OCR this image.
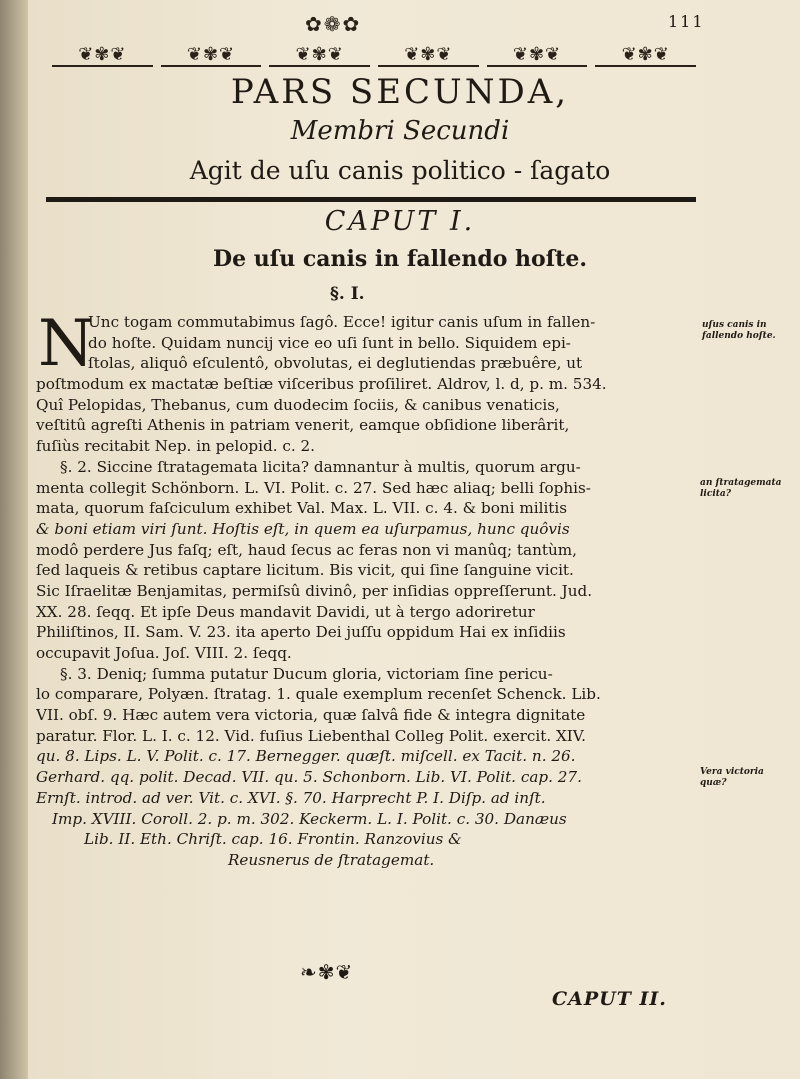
✿❁✿	111
❦✾❦	❦✾❦	❦✾❦	❦✾❦	❦✾❦	❦✾❦
PARS SECUNDA,
Membri Secundi
Agit de uſu canis politico - ſagato
CAPUT I.
De uſu canis in fallendo hoſte.
§. I.
N
Unc togam commutabimus ſagô. Ecce! igitur canis uſum in fallen-
do hoſte. Quidam nuncij vice eo uſi ſunt in bello. Siquidem epi-
ſtolas, aliquô eſculentô, obvolutas, ei deglutiendas præbuêre, ut
poſtmodum ex mactatæ beſtiæ viſceribus proſiliret. Aldrov, l. d, p. m. 534.
Quî Pelopidas, Thebanus, cum duodecim ſociis, & canibus venaticis,
veſtitû agreſti Athenis in patriam venerit, eamque obſidione liberârit,
fuſiùs recitabit Nep. in pelopid. c. 2.
§. 2. Siccine ſtratagemata licita? damnantur à multis, quorum argu-
menta collegit Schönborn. L. VI. Polit. c. 27. Sed hæc aliaq; belli ſophis-
mata, quorum faſciculum exhibet Val. Max. L. VII. c. 4. & boni militis
& boni etiam viri ſunt. Hoſtis eſt, in quem ea uſurpamus, hunc quôvis
modô perdere Jus faſq; eſt, haud ſecus ac feras non vi manûq; tantùm,
ſed laqueis & retibus captare licitum. Bis vicit, qui ſine ſanguine vicit.
Sic Iſraelitæ Benjamitas, permiſsû divinô, per inſidias oppreſſerunt. Jud.
XX. 28. ſeqq. Et ipſe Deus mandavit Davidi, ut à tergo adoriretur
Philiſtinos, II. Sam. V. 23. ita aperto Dei juſſu oppidum Hai ex inſidiis
occupavit Joſua. Joſ. VIII. 2. ſeqq.
§. 3. Deniq; ſumma putatur Ducum gloria, victoriam ſine pericu-
lo comparare, Polyæn. ſtratag. 1. quale exemplum recenſet Schenck. Lib.
VII. obſ. 9. Hæc autem vera victoria, quæ ſalvâ fide & integra dignitate
paratur. Flor. L. I. c. 12. Vid. fuſius Liebenthal Colleg Polit. exercit. XIV.
qu. 8. Lips. L. V. Polit. c. 17. Bernegger. quæſt. miſcell. ex Tacit. n. 26.
Gerhard. qq. polit. Decad. VII. qu. 5. Schonborn. Lib. VI. Polit. cap. 27.
Ernſt. introd. ad ver. Vit. c. XVI. §. 70. Harprecht P. I. Diſp. ad inſt.
Imp. XVIII. Coroll. 2. p. m. 302. Keckerm. L. I. Polit. c. 30. Danæus
Lib. II. Eth. Chriſt. cap. 16. Frontin. Ranzovius &
Reusnerus de ſtratagemat.
uſus canis in fallendo hoſte.
an ſtratagemata licita?
Vera victoria quæ?
❧✾❦
CAPUT II.
